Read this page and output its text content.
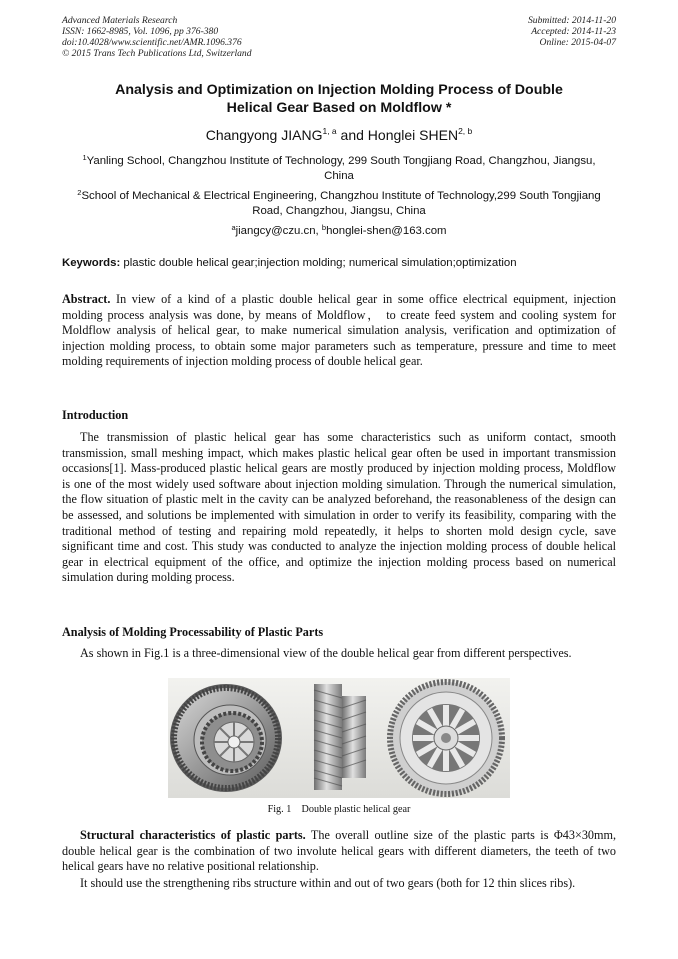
Advanced Materials Research
ISSN: 1662-8985, Vol. 1096, pp 376-380
doi:10.4028/www.scientific.net/AMR.1096.376
© 2015 Trans Tech Publications Ltd, Switzerland
Submitted: 2014-11-20
Accepted: 2014-11-23
Online: 2015-04-07
Analysis and Optimization on Injection Molding Process of Double
Helical Gear Based on Moldflow *
Changyong JIANG$^{1, a}$ and Honglei SHEN$^{2, b}$
$^1$Yanling School, Changzhou Institute of Technology, 299 South Tongjiang Road, Changzhou, Jiangsu, China
$^2$School of Mechanical & Electrical Engineering, Changzhou Institute of Technology,299 South Tongjiang Road, Changzhou, Jiangsu, China
$^a$jiangcy@czu.cn, $^b$honglei-shen@163.com
Keywords: plastic double helical gear;injection molding; numerical simulation;optimization
Abstract. In view of a kind of a plastic double helical gear in some office electrical equipment, injection molding process analysis was done, by means of Moldflow， to create feed system and cooling system for Moldflow analysis of helical gear, to make numerical simulation analysis, verification and optimization of injection molding process, to obtain some major parameters such as temperature, pressure and time to meet molding requirements of injection molding process of double helical gear.
Introduction

The transmission of plastic helical gear has some characteristics such as uniform contact, smooth transmission, small meshing impact, which makes plastic helical gear often be used in important transmission occasions[1]. Mass-produced plastic helical gears are mostly produced by injection molding process, Moldflow is one of the most widely used software about injection molding simulation. Through the numerical simulation, the flow situation of plastic melt in the cavity can be analyzed beforehand, the reasonableness of the design can be assessed, and solutions be implemented with simulation in order to verify its feasibility, comparing with the traditional method of testing and repairing mold repeatedly, it helps to shorten mold design cycle, save significant time and cost. This study was conducted to analyze the injection molding process of double helical gear in electrical equipment of the office, and optimize the injection molding process based on numerical simulation during molding process.

Analysis of Molding Processability of Plastic Parts

As shown in Fig.1 is a three-dimensional view of the double helical gear from different perspectives.

Fig. 1    Double plastic helical gear

Structural characteristics of plastic parts. The overall outline size of the plastic parts is Φ43×30mm, double helical gear is the combination of two involute helical gears with different diameters, the teeth of two helical gears have no relative positional relationship.

It should use the strengthening ribs structure within and out of two gears (both for 12 thin slices ribs).
